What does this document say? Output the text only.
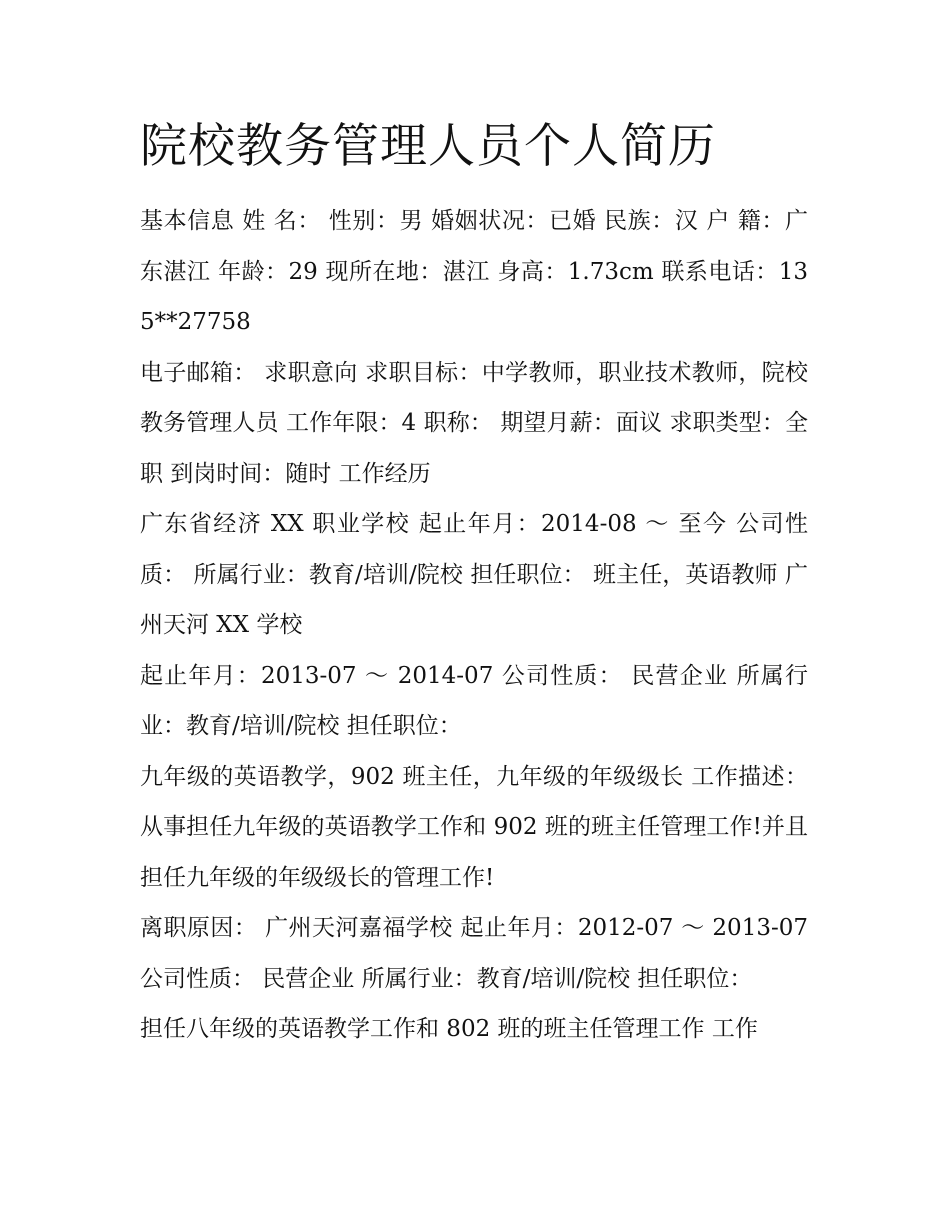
院校教务管理人员个人简历

基本信息 姓 名： 性别：男 婚姻状况：已婚 民族：汉 户 籍：广东湛江 年龄：29 现所在地：湛江 身高：1.73cm 联系电话：135**27758

电子邮箱： 求职意向 求职目标：中学教师，职业技术教师，院校教务管理人员 工作年限：4 职称： 期望月薪：面议 求职类型：全职 到岗时间：随时 工作经历

广东省经济 XX 职业学校 起止年月：2014-08 ～ 至今 公司性质： 所属行业：教育/培训/院校 担任职位： 班主任，英语教师 广州天河 XX 学校

起止年月：2013-07 ～ 2014-07 公司性质： 民营企业 所属行业：教育/培训/院校 担任职位：

九年级的英语教学，902 班主任，九年级的年级级长 工作描述： 从事担任九年级的英语教学工作和 902 班的班主任管理工作!并且担任九年级的年级级长的管理工作!

离职原因： 广州天河嘉福学校 起止年月：2012-07 ～ 2013-07 公司性质： 民营企业 所属行业：教育/培训/院校 担任职位：

担任八年级的英语教学工作和 802 班的班主任管理工作 工作
